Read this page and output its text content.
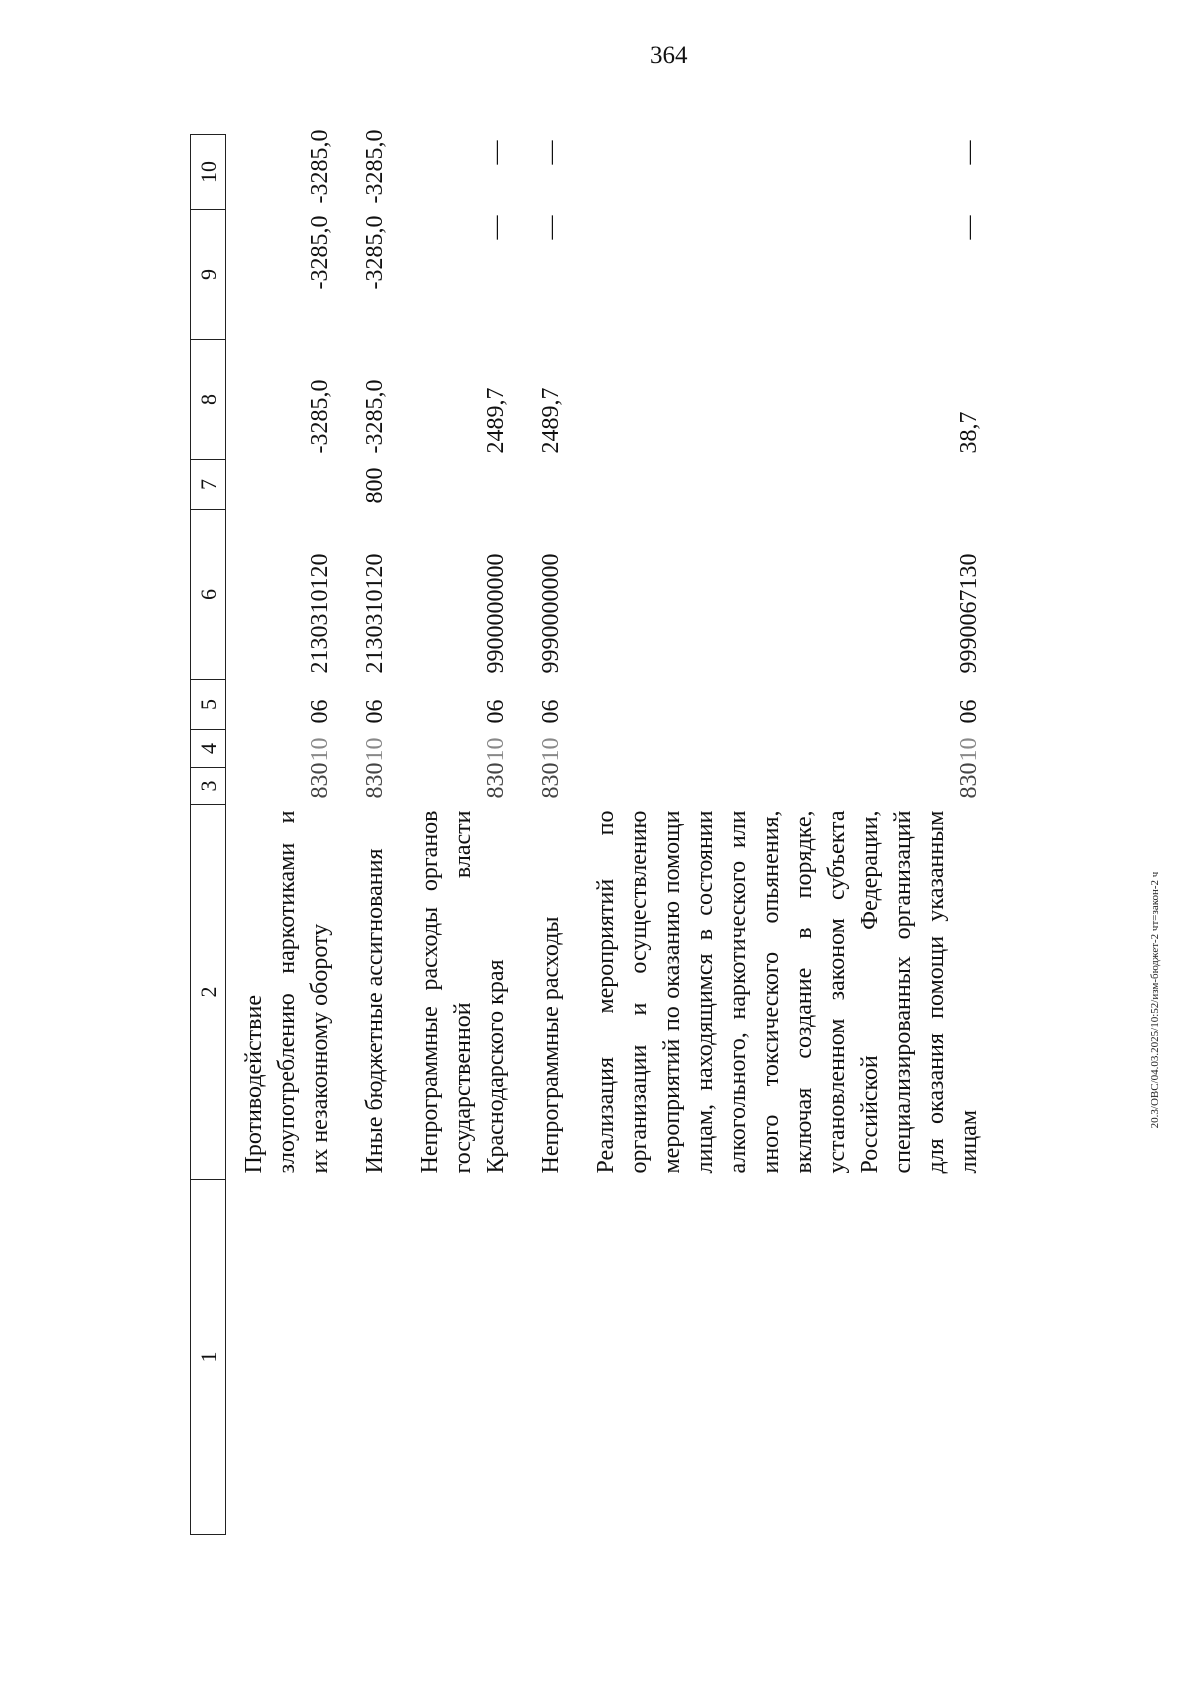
364
20.3/ОВС/04.03.2025/10:52/изм-бюджет-2 чт=закон-2 ч
1	2	3	4	5	6	7	8	9	10
	Противодействие злоупотреблению наркотиками и их незаконному обороту	830	10	06	2130310120		-3285,0	-3285,0	-3285,0
	Иные бюджетные ассигнования	830	10	06	2130310120	800	-3285,0	-3285,0	-3285,0
	Непрограммные расходы органов государственной власти Краснодарского края	830	10	06	9900000000		2489,7	—	—
	Непрограммные расходы	830	10	06	9990000000		2489,7	—	—
	Реализация мероприятий по организации и осуществлению мероприятий по оказанию помощи лицам, находящимся в состоянии алкогольного, наркотического или иного токсического опьянения, включая создание в порядке, установленном законом субъекта Российской Федерации, специализированных организаций для оказания помощи указанным лицам	830	10	06	9990067130		38,7	—	—
